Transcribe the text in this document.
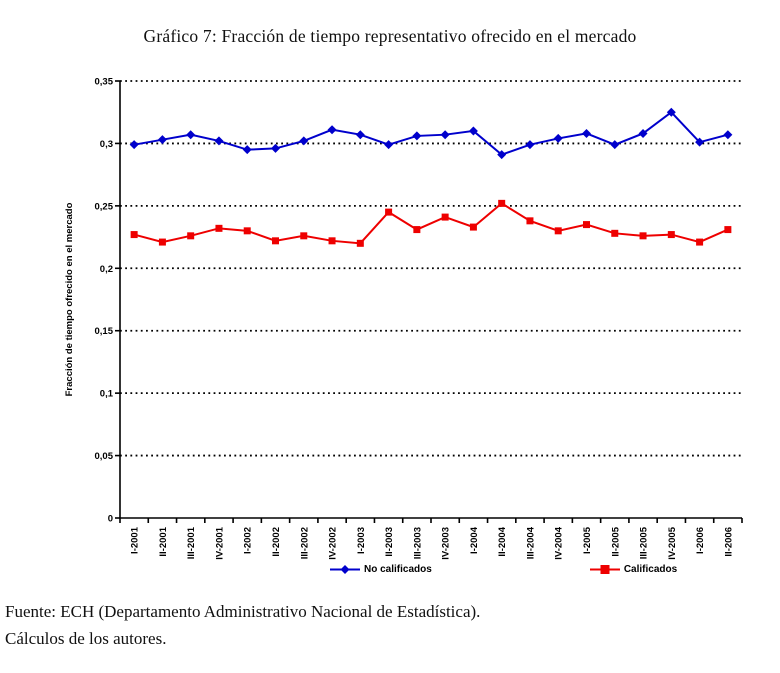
0
0,05
0,1
0,15
0,2
0,25
0,3
0,35
I-2001 II-2001 III-2001 IV-2001 I-2002 II-2002 III-2002 IV-2002 I-2003 II-2003 III-2003 IV-2003 I-2004 II-2004 III-2004 IV-2004 I-2005 II-2005 III-2005 IV-2005 I-2006 II-2006
Fracción de tiempo ofrecido en el mercado
Gráfico 7: Fracción de tiempo representativo ofrecido en el mercado
No calificados	Calificados
Fuente: ECH (Departamento Administrativo Nacional de Estadística).
Cálculos de los autores.
